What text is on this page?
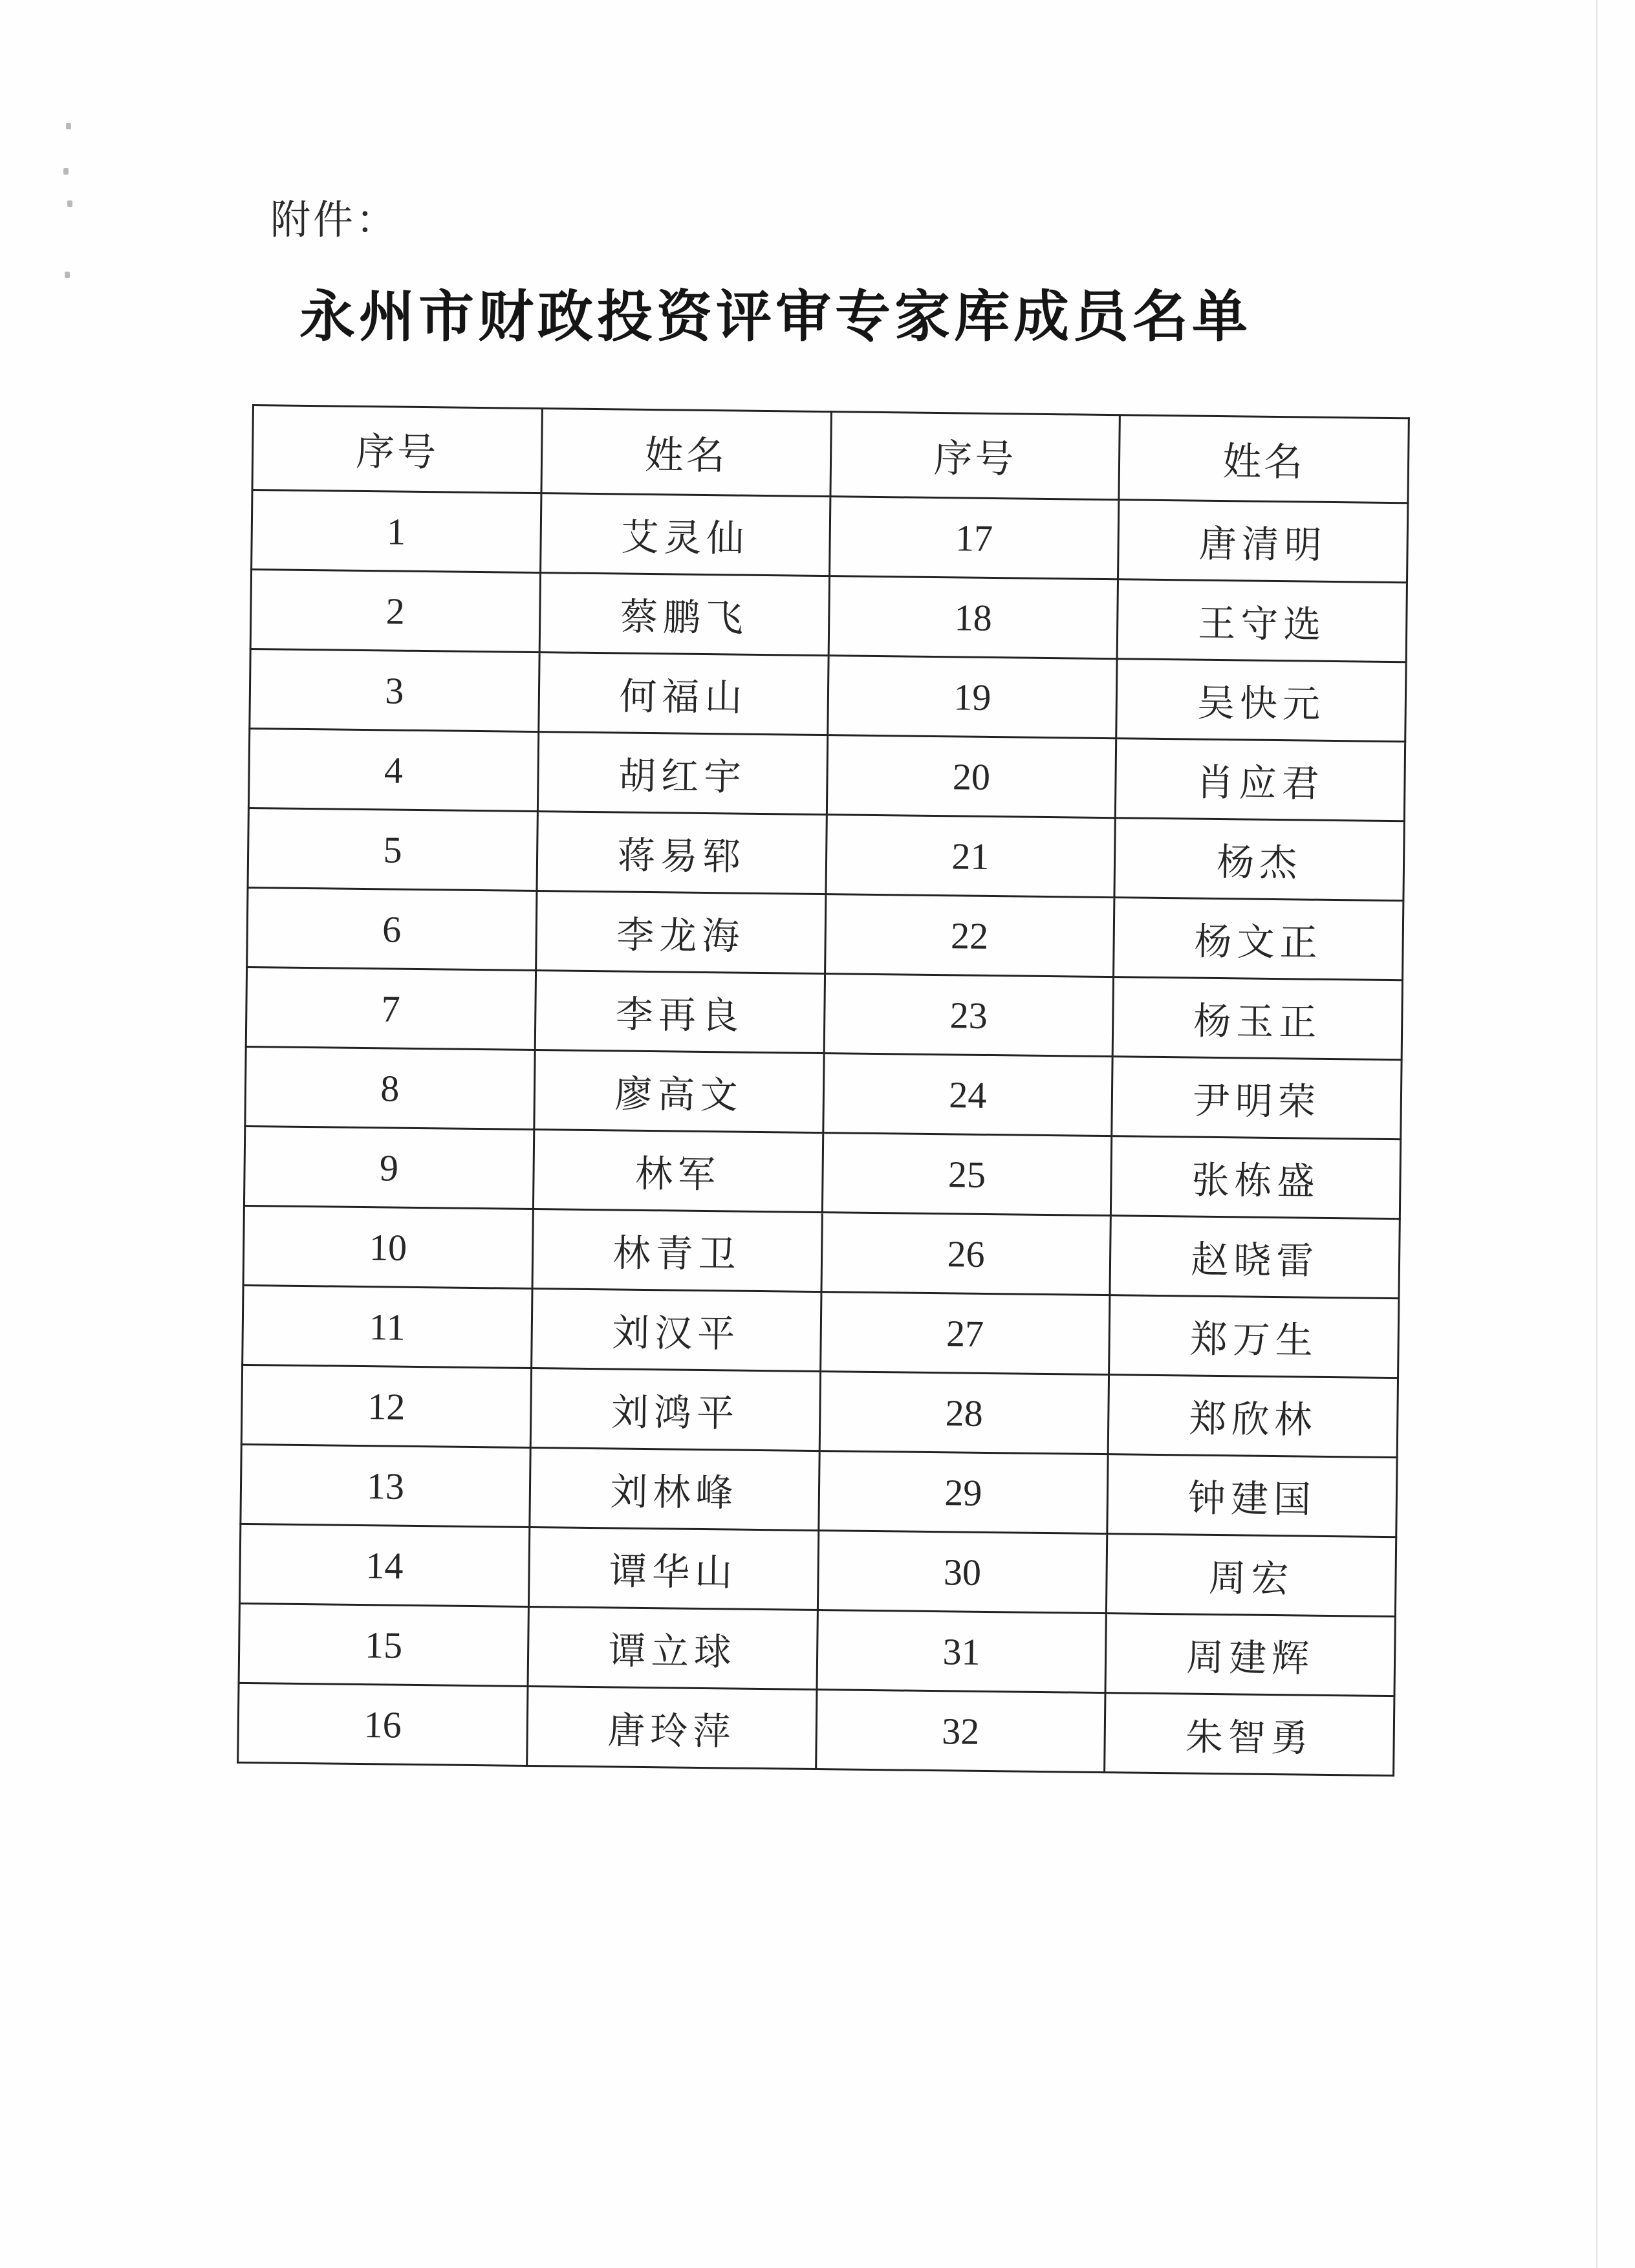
附件：
永州市财政投资评审专家库成员名单
序号	姓名	序号	姓名
1	艾灵仙	17	唐清明
2	蔡鹏飞	18	王守选
3	何福山	19	吴快元
4	胡红宇	20	肖应君
5	蒋易郓	21	杨杰
6	李龙海	22	杨文正
7	李再良	23	杨玉正
8	廖高文	24	尹明荣
9	林军	25	张栋盛
10	林青卫	26	赵晓雷
11	刘汉平	27	郑万生
12	刘鸿平	28	郑欣林
13	刘林峰	29	钟建国
14	谭华山	30	周宏
15	谭立球	31	周建辉
16	唐玲萍	32	朱智勇
